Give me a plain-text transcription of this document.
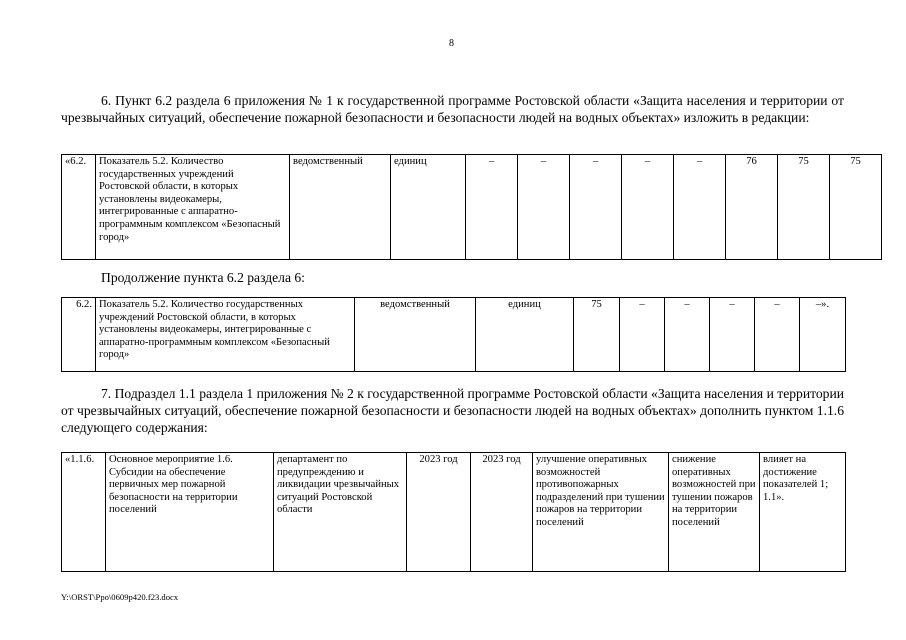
8

6. Пункт 6.2 раздела 6 приложения № 1 к государственной программе Ростовской области «Защита населения и территории от чрезвычайных ситуаций, обеспечение пожарной безопасности и безопасности людей на водных объектах» изложить в редакции:

«6.2.	Показатель 5.2. Количество государственных учреждений Ростовской области, в которых установлены видеокамеры, интегрированные с аппаратно-программным комплексом «Безопасный город»	ведомственный	единиц	–	–	–	–	–	76	75	75

Продолжение пункта 6.2 раздела 6:

6.2.	Показатель 5.2. Количество государственных учреждений Ростовской области, в которых установлены видеокамеры, интегрированные с аппаратно-программным комплексом «Безопасный город»	ведомственный	единиц	75	–	–	–	–	–».

7. Подраздел 1.1 раздела 1 приложения № 2 к государственной программе Ростовской области «Защита населения и территории от чрезвычайных ситуаций, обеспечение пожарной безопасности и безопасности людей на водных объектах» дополнить пунктом 1.1.6 следующего содержания:

«1.1.6.	Основное мероприятие 1.6. Субсидии на обеспечение первичных мер пожарной безопасности на территории поселений	департамент по предупреждению и ликвидации чрезвычайных ситуаций Ростовской области	2023 год	2023 год	улучшение оперативных возможностей противопожарных подразделений при тушении пожаров на территории поселений	снижение оперативных возможностей при тушении пожаров на территории поселений	влияет на достижение показателей 1; 1.1».
Y:\ORST\Ppo\0609p420.f23.docx
